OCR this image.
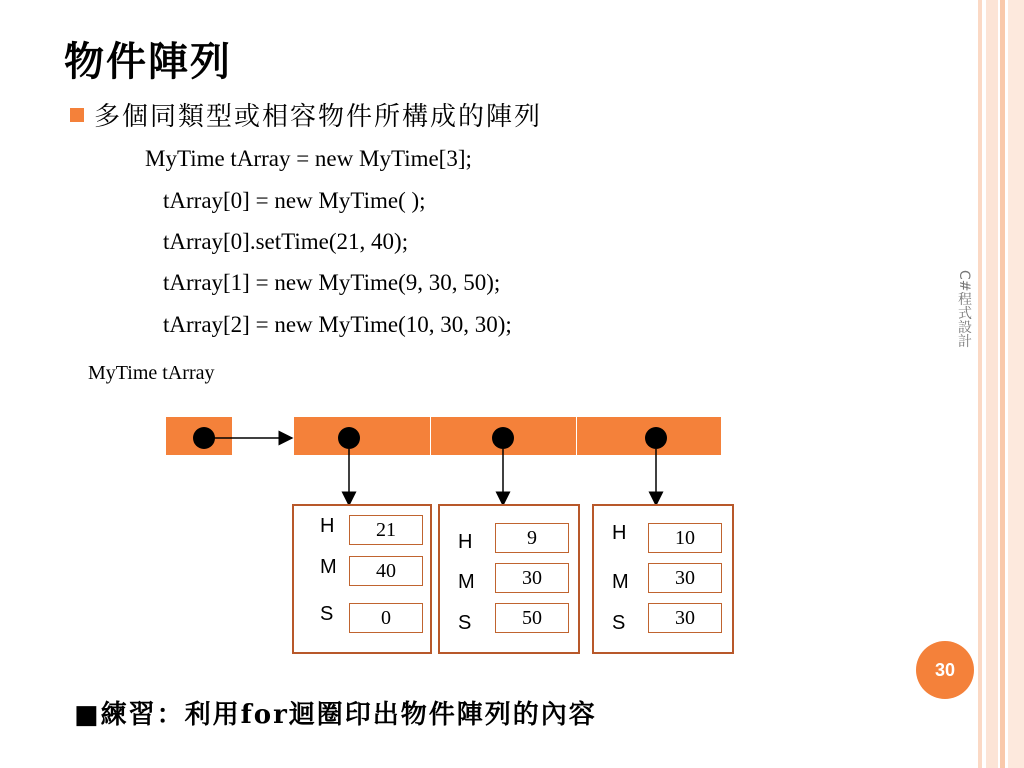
物件陣列
多個同類型或相容物件所構成的陣列
MyTime tArray = new MyTime[3];
tArray[0] = new MyTime( );
tArray[0].setTime(21, 40);
tArray[1] = new MyTime(9, 30, 50);
tArray[2] = new MyTime(10, 30, 30);	C#程式設計
MyTime tArray
H
M
S
21
40
0
H
M
S
9
30
50
H
M
S
10
30
30
30
■練習：利用for迴圈印出物件陣列的內容
